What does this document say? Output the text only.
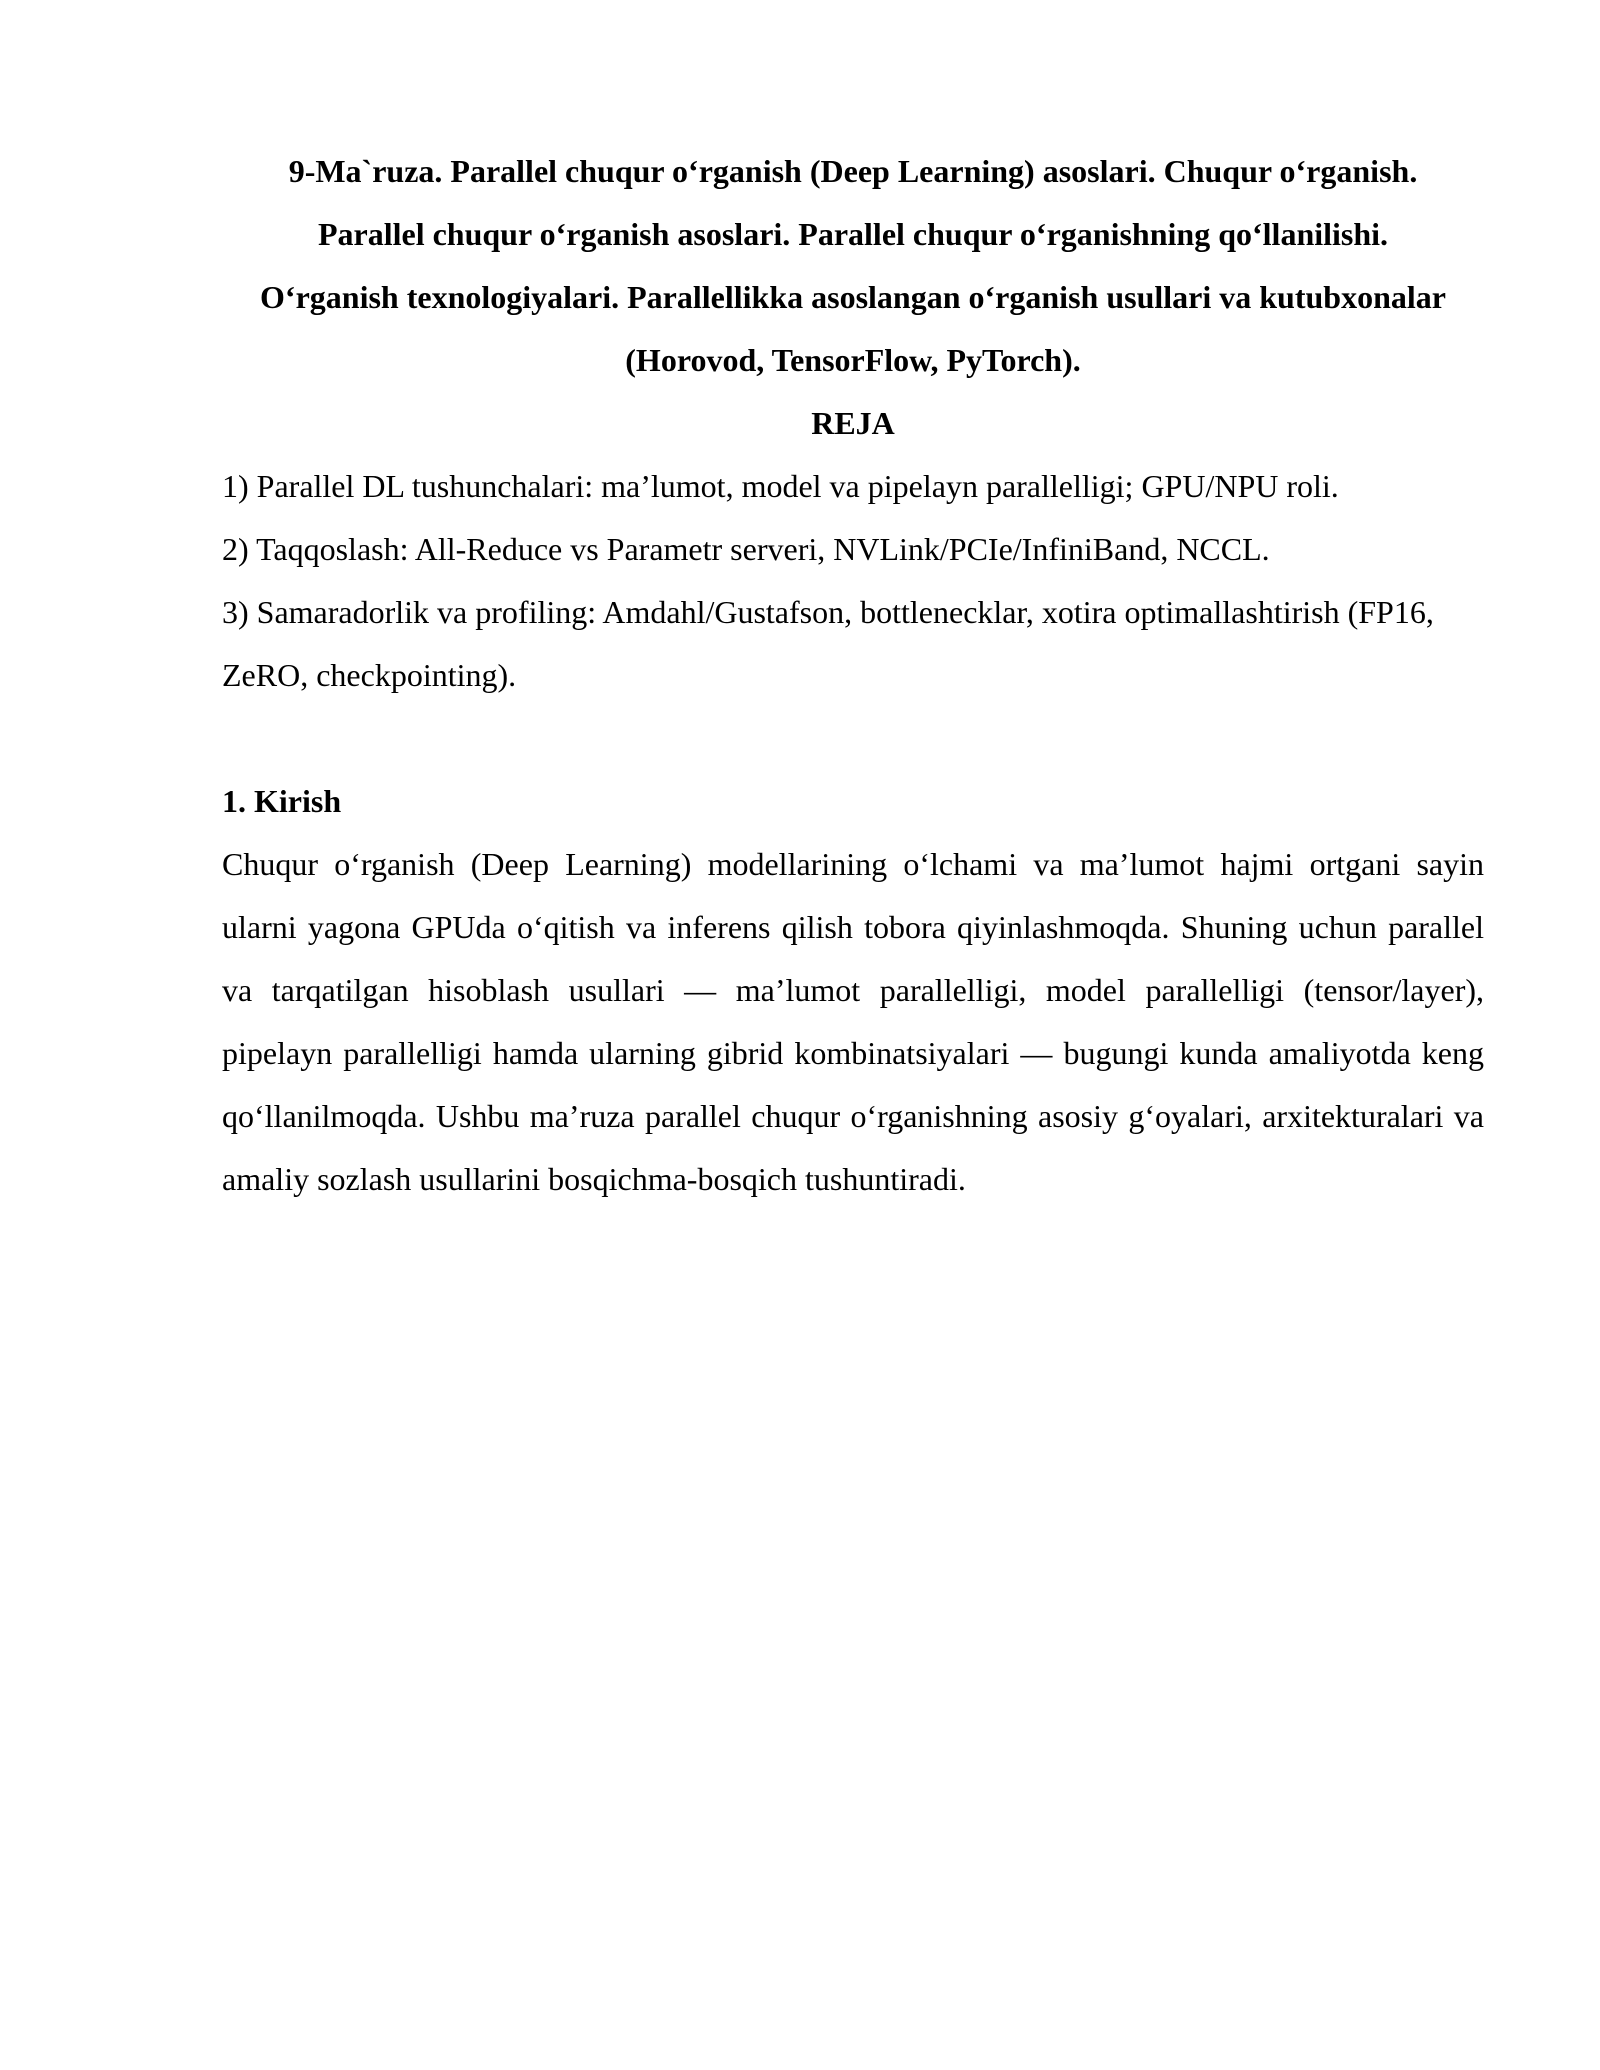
9-Ma`ruza. Parallel chuqur o‘rganish (Deep Learning) asoslari. Chuqur o‘rganish. Parallel chuqur o‘rganish asoslari. Parallel chuqur o‘rganishning qo‘llanilishi. O‘rganish texnologiyalari. Parallellikka asoslangan o‘rganish usullari va kutubxonalar (Horovod, TensorFlow, PyTorch).

REJA

1) Parallel DL tushunchalari: ma’lumot, model va pipelayn parallelligi; GPU/NPU roli.

2) Taqqoslash: All-Reduce vs Parametr serveri, NVLink/PCIe/InfiniBand, NCCL.

3) Samaradorlik va profiling: Amdahl/Gustafson, bottlenecklar, xotira optimallashtirish (FP16, ZeRO, checkpointing).

1. Kirish

Chuqur o‘rganish (Deep Learning) modellarining o‘lchami va ma’lumot hajmi ortgani sayin ularni yagona GPUda o‘qitish va inferens qilish tobora qiyinlashmoqda. Shuning uchun parallel va tarqatilgan hisoblash usullari — ma’lumot parallelligi, model parallelligi (tensor/layer), pipelayn parallelligi hamda ularning gibrid kombinatsiyalari — bugungi kunda amaliyotda keng qo‘llanilmoqda. Ushbu ma’ruza parallel chuqur o‘rganishning asosiy g‘oyalari, arxitekturalari va amaliy sozlash usullarini bosqichma-bosqich tushuntiradi.
